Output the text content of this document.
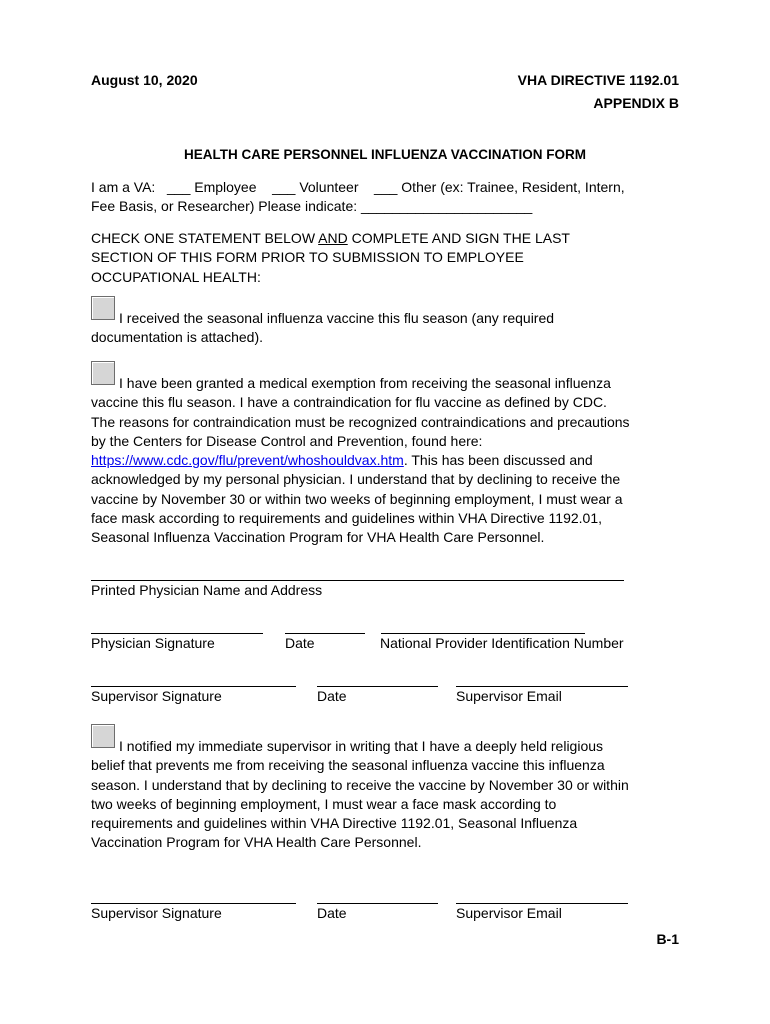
August 10, 2020	VHA DIRECTIVE 1192.01
APPENDIX B
HEALTH CARE PERSONNEL INFLUENZA VACCINATION FORM

I am a VA: ___ Employee ___ Volunteer ___ Other (ex: Trainee, Resident, Intern,

Fee Basis, or Researcher) Please indicate: ______________________

CHECK ONE STATEMENT BELOW AND COMPLETE AND SIGN THE LAST

SECTION OF THIS FORM PRIOR TO SUBMISSION TO EMPLOYEE

OCCUPATIONAL HEALTH:

I received the seasonal influenza vaccine this flu season (any required

documentation is attached).

I have been granted a medical exemption from receiving the seasonal influenza

vaccine this flu season. I have a contraindication for flu vaccine as defined by CDC.

The reasons for contraindication must be recognized contraindications and precautions

by the Centers for Disease Control and Prevention, found here:

https://www.cdc.gov/flu/prevent/whoshouldvax.htm. This has been discussed and

acknowledged by my personal physician. I understand that by declining to receive the

vaccine by November 30 or within two weeks of beginning employment, I must wear a

face mask according to requirements and guidelines within VHA Directive 1192.01,

Seasonal Influenza Vaccination Program for VHA Health Care Personnel.

Printed Physician Name and Address
Physician Signature	Date	National Provider Identification Number
Supervisor Signature	Date	Supervisor Email

I notified my immediate supervisor in writing that I have a deeply held religious

belief that prevents me from receiving the seasonal influenza vaccine this influenza

season. I understand that by declining to receive the vaccine by November 30 or within

two weeks of beginning employment, I must wear a face mask according to

requirements and guidelines within VHA Directive 1192.01, Seasonal Influenza

Vaccination Program for VHA Health Care Personnel.

Supervisor Signature	Date	Supervisor Email
B-1
